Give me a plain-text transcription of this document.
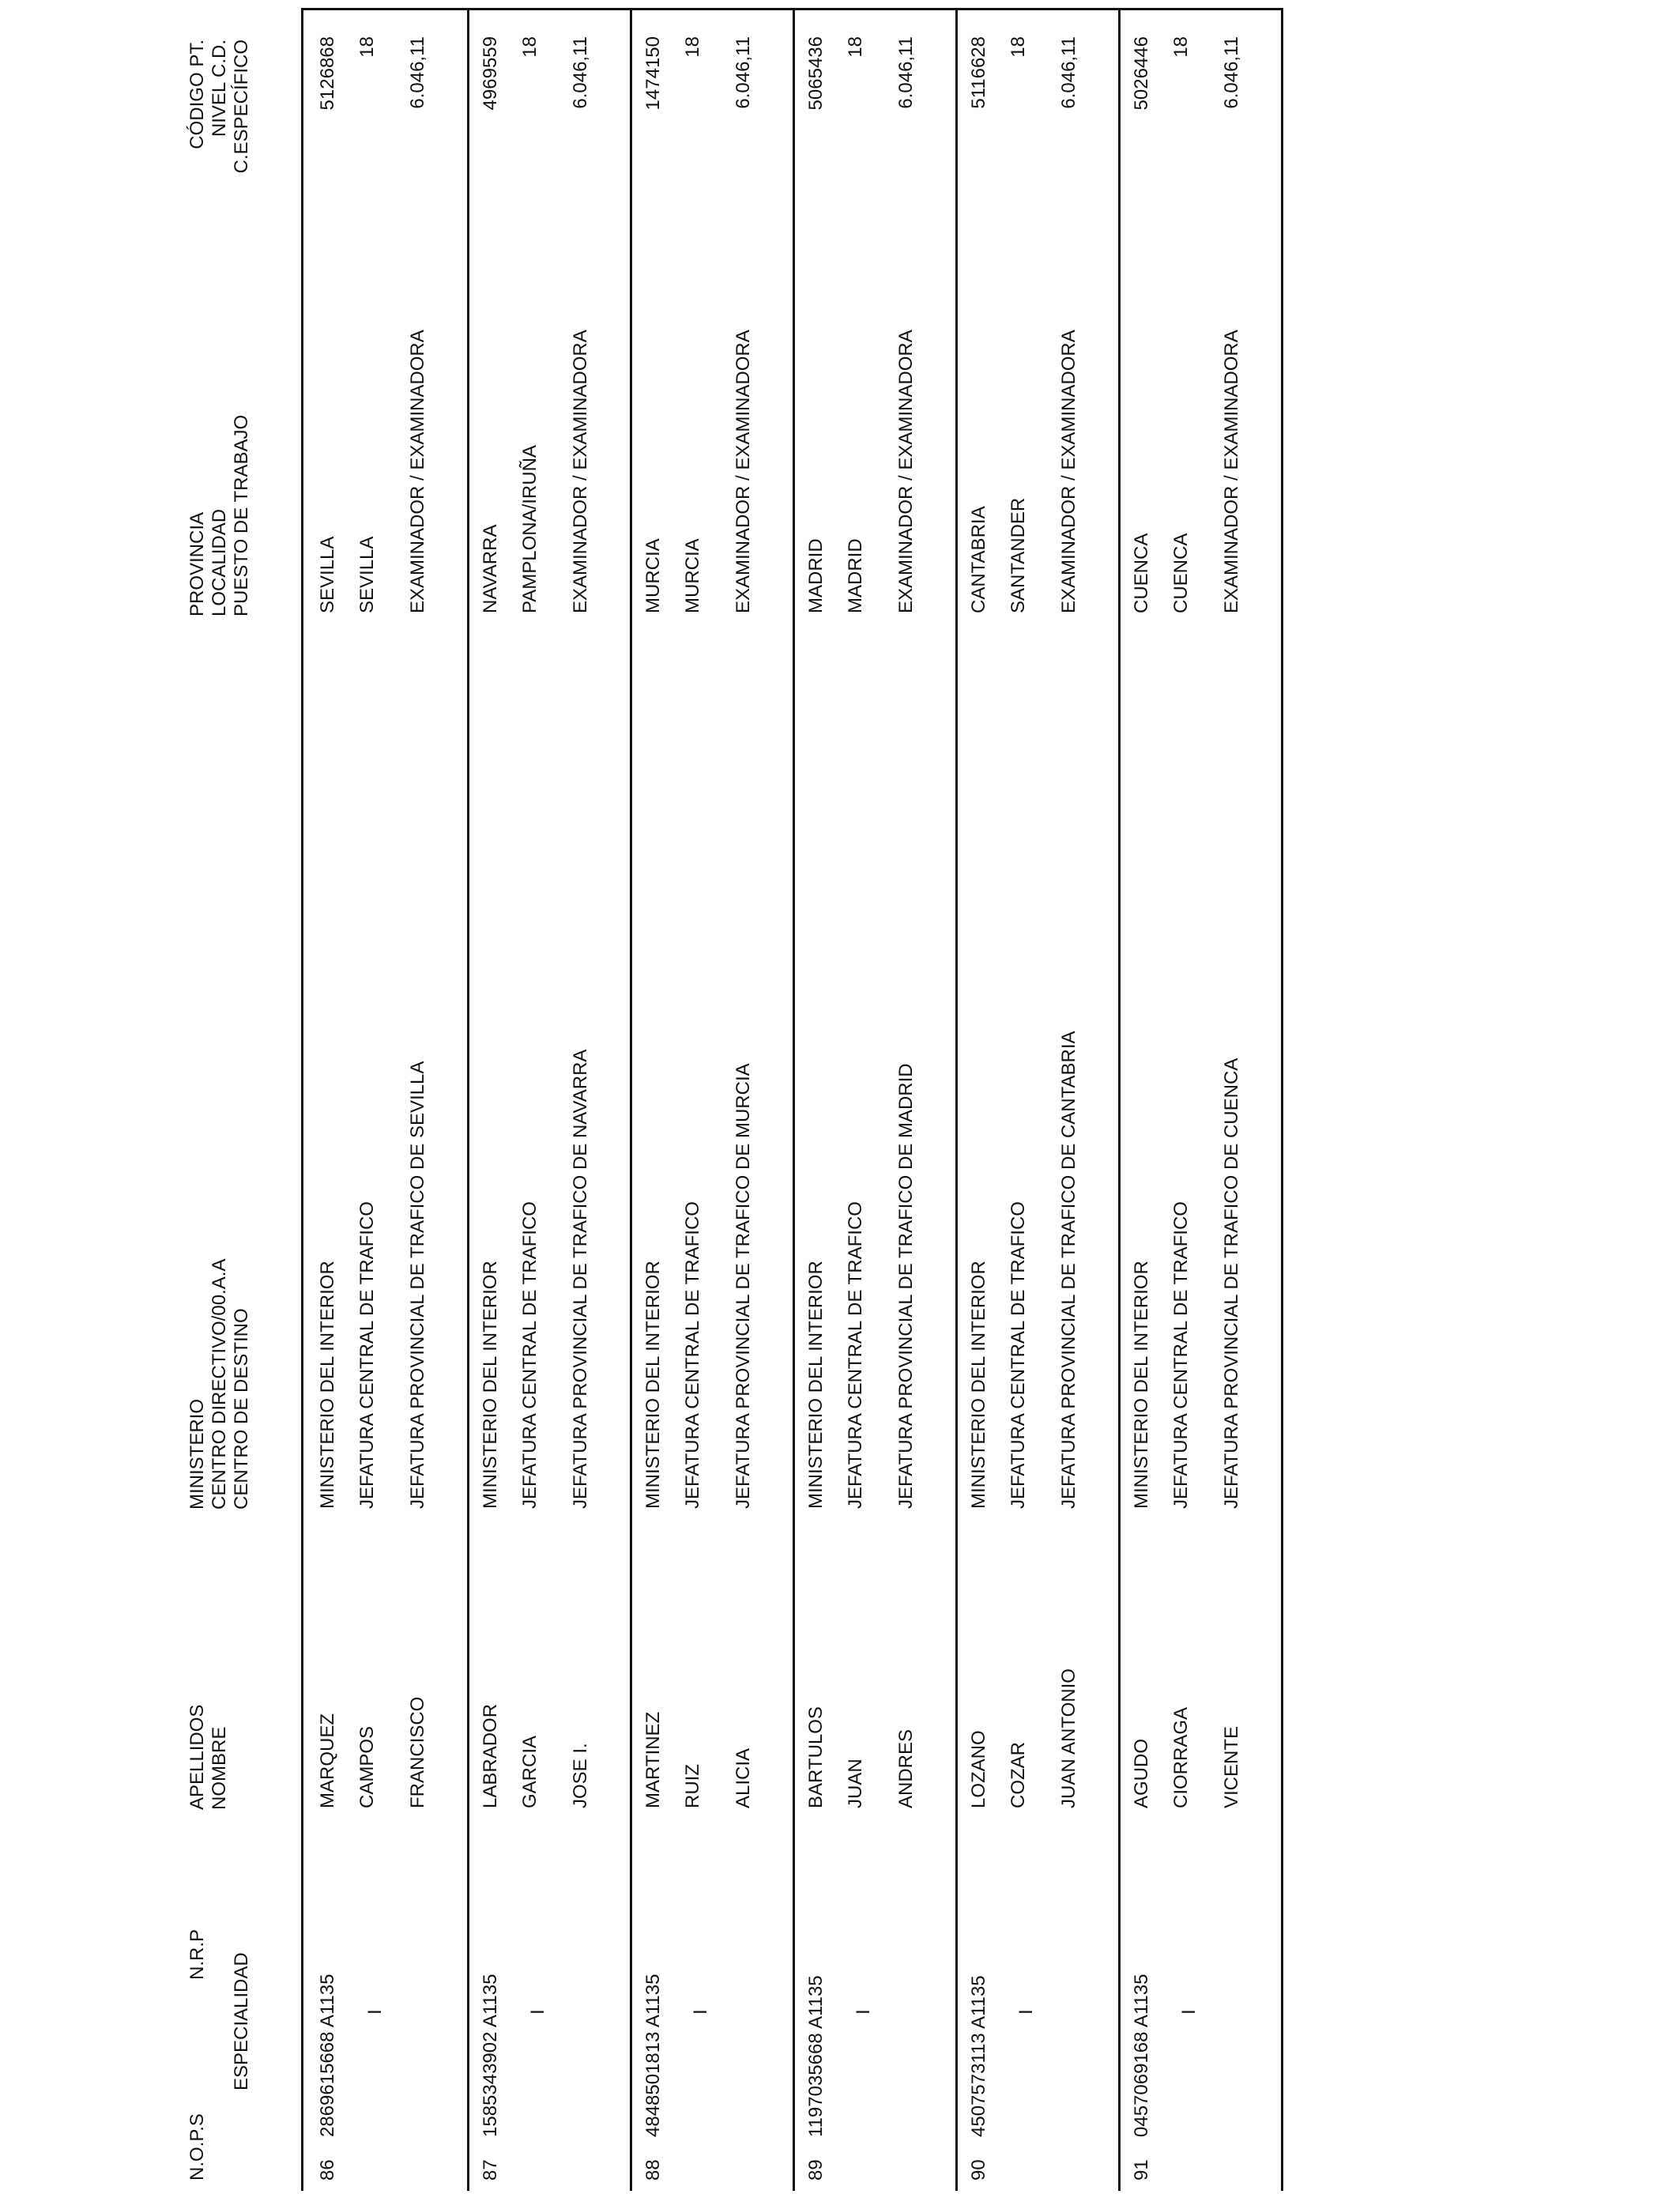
N.O.P.S
N.R.P ESPECIALIDAD
APELLIDOS NOMBRE
MINISTERIO CENTRO DIRECTIVO/00.A.A CENTRO DE DESTINO
PROVINCIA LOCALIDAD PUESTO DE TRABAJO
CÓDIGO PT. NIVEL C.D. C.ESPECÍFICO
86
2869615668 A1135 I
MARQUEZ CAMPOS FRANCISCO
MINISTERIO DEL INTERIOR JEFATURA CENTRAL DE TRAFICO JEFATURA PROVINCIAL DE TRAFICO DE SEVILLA
SEVILLA SEVILLA EXAMINADOR / EXAMINADORA
5126868 18 6.046,11
87
1585343902 A1135 I
LABRADOR GARCIA JOSE I.
MINISTERIO DEL INTERIOR JEFATURA CENTRAL DE TRAFICO JEFATURA PROVINCIAL DE TRAFICO DE NAVARRA
NAVARRA PAMPLONA/IRUÑA EXAMINADOR / EXAMINADORA
4969559 18 6.046,11
88
4848501813 A1135 I
MARTINEZ RUIZ ALICIA
MINISTERIO DEL INTERIOR JEFATURA CENTRAL DE TRAFICO JEFATURA PROVINCIAL DE TRAFICO DE MURCIA
MURCIA MURCIA EXAMINADOR / EXAMINADORA
1474150 18 6.046,11
89
1197035668 A1135 I
BARTULOS JUAN ANDRES
MINISTERIO DEL INTERIOR JEFATURA CENTRAL DE TRAFICO JEFATURA PROVINCIAL DE TRAFICO DE MADRID
MADRID MADRID EXAMINADOR / EXAMINADORA
5065436 18 6.046,11
90
4507573113 A1135 I
LOZANO COZAR JUAN ANTONIO
MINISTERIO DEL INTERIOR JEFATURA CENTRAL DE TRAFICO JEFATURA PROVINCIAL DE TRAFICO DE CANTABRIA
CANTABRIA SANTANDER EXAMINADOR / EXAMINADORA
5116628 18 6.046,11
91
0457069168 A1135 I
AGUDO CIORRAGA VICENTE
MINISTERIO DEL INTERIOR JEFATURA CENTRAL DE TRAFICO JEFATURA PROVINCIAL DE TRAFICO DE CUENCA
CUENCA CUENCA EXAMINADOR / EXAMINADORA
5026446 18 6.046,11
